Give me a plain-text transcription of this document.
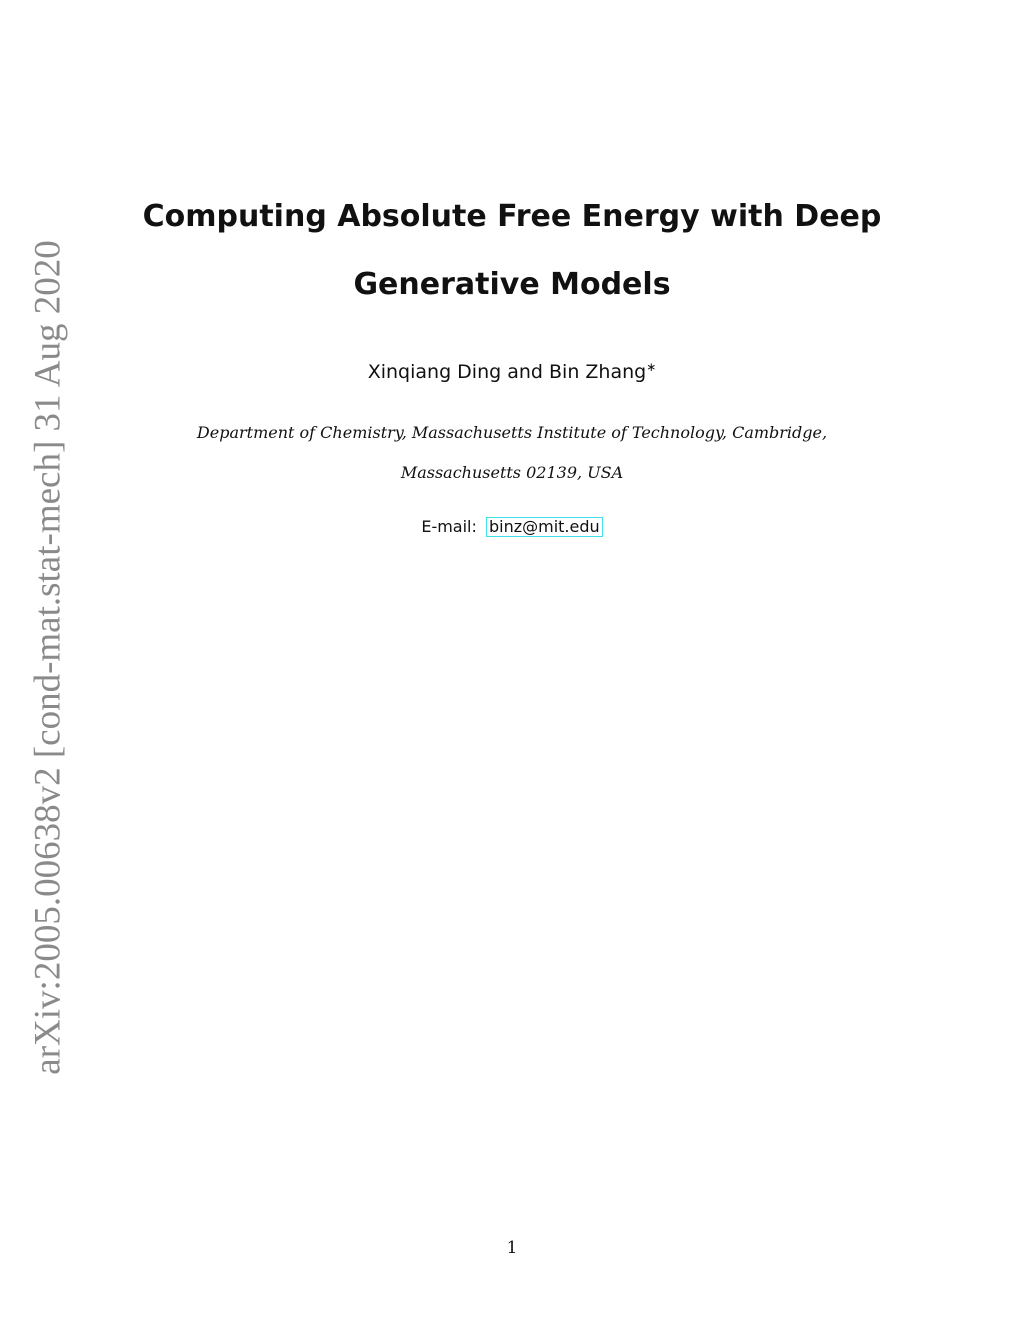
arXiv:2005.00638v2 [cond-mat.stat-mech] 31 Aug 2020
Computing Absolute Free Energy with Deep
Generative Models
Xinqiang Ding and Bin Zhang∗
Department of Chemistry, Massachusetts Institute of Technology, Cambridge,
Massachusetts 02139, USA
E-mail: binz@mit.edu
1
